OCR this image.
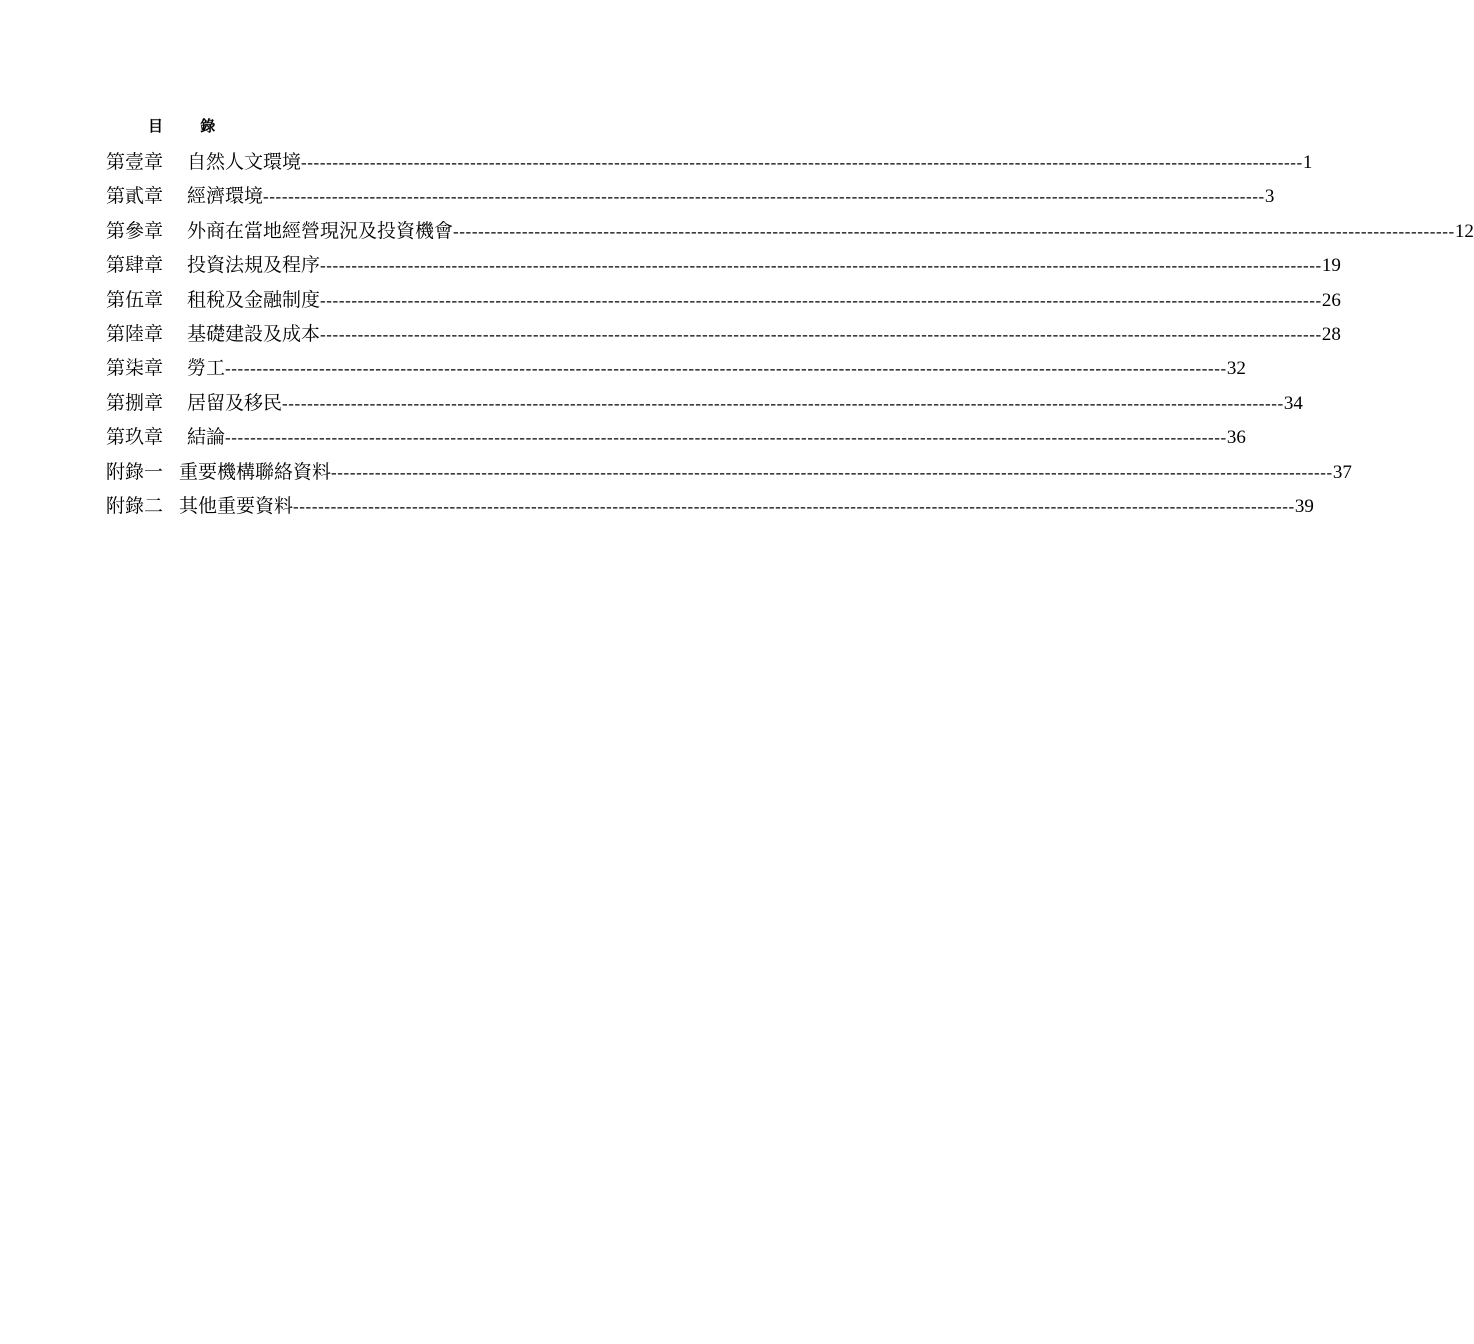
目 錄
第壹章 自然人文環境 ---------------------------------------------------------------------------------------------------------------------------------------------------------------- 1
第貳章 經濟環境 ---------------------------------------------------------------------------------------------------------------------------------------------------------------- 3
第參章 外商在當地經營現況及投資機會 ---------------------------------------------------------------------------------------------------------------------------------------------------------------- 12
第肆章 投資法規及程序 ---------------------------------------------------------------------------------------------------------------------------------------------------------------- 19
第伍章 租稅及金融制度 ---------------------------------------------------------------------------------------------------------------------------------------------------------------- 26
第陸章 基礎建設及成本 ---------------------------------------------------------------------------------------------------------------------------------------------------------------- 28
第柒章 勞工 ---------------------------------------------------------------------------------------------------------------------------------------------------------------- 32
第捌章 居留及移民 ---------------------------------------------------------------------------------------------------------------------------------------------------------------- 34
第玖章 結論 ---------------------------------------------------------------------------------------------------------------------------------------------------------------- 36
附錄一 重要機構聯絡資料 ---------------------------------------------------------------------------------------------------------------------------------------------------------------- 37
附錄二 其他重要資料 ---------------------------------------------------------------------------------------------------------------------------------------------------------------- 39
